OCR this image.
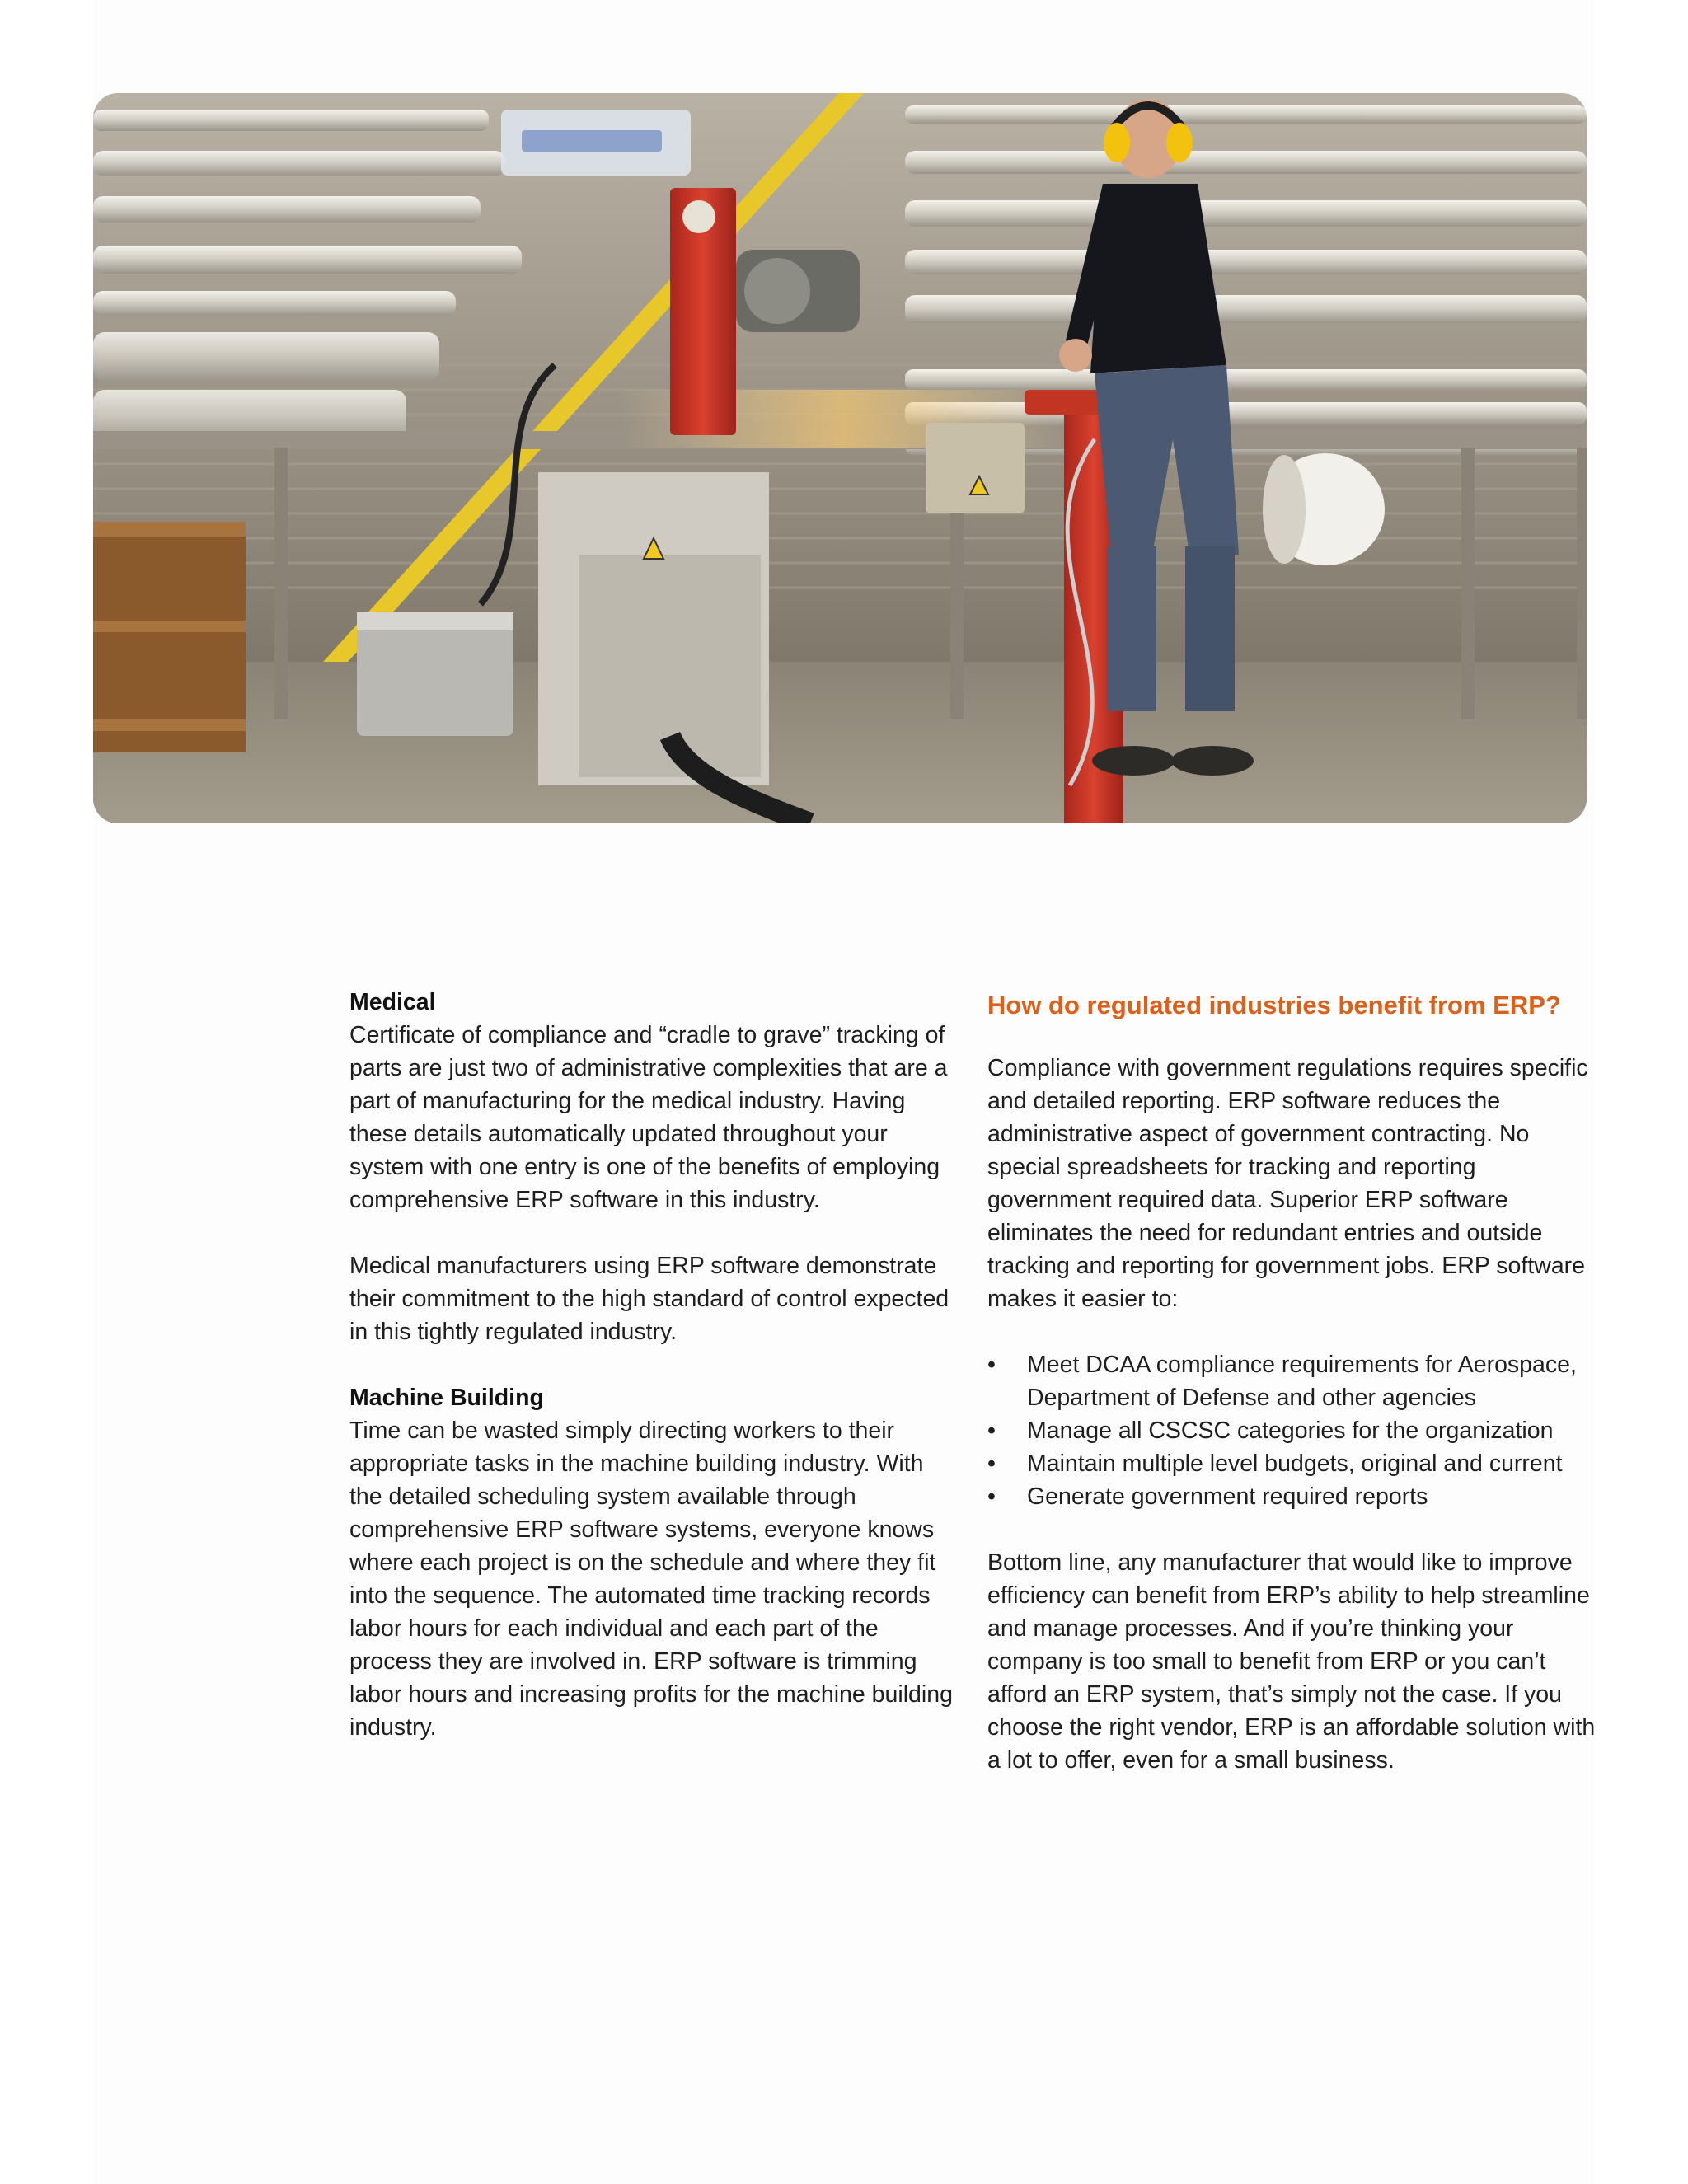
Medical

Certificate of compliance and “cradle to grave” tracking of parts are just two of administrative complexities that are a part of manufacturing for the medical industry. Having these details automatically updated throughout your system with one entry is one of the benefits of employing comprehensive ERP software in this industry.

Medical manufacturers using ERP software demonstrate their commitment to the high standard of control expected in this tightly regulated industry.

Machine Building

Time can be wasted simply directing workers to their appropriate tasks in the machine building industry. With the detailed scheduling system available through comprehensive ERP software systems, everyone knows where each project is on the schedule and where they fit into the sequence. The automated time tracking records labor hours for each individual and each part of the process they are involved in. ERP software is trimming labor hours and increasing profits for the machine building industry.

How do regulated industries benefit from ERP?

Compliance with government regulations requires specific and detailed reporting. ERP software reduces the administrative aspect of government contracting. No special spreadsheets for tracking and reporting government required data. Superior ERP software eliminates the need for redundant entries and outside tracking and reporting for government jobs. ERP software makes it easier to:

• Meet DCAA compliance requirements for Aerospace, Department of Defense and other agencies
• Manage all CSCSC categories for the organization
• Maintain multiple level budgets, original and current
• Generate government required reports

Bottom line, any manufacturer that would like to improve efficiency can benefit from ERP’s ability to help streamline and manage processes. And if you’re thinking your company is too small to benefit from ERP or you can’t afford an ERP system, that’s simply not the case. If you choose the right vendor, ERP is an affordable solution with a lot to offer, even for a small business.
